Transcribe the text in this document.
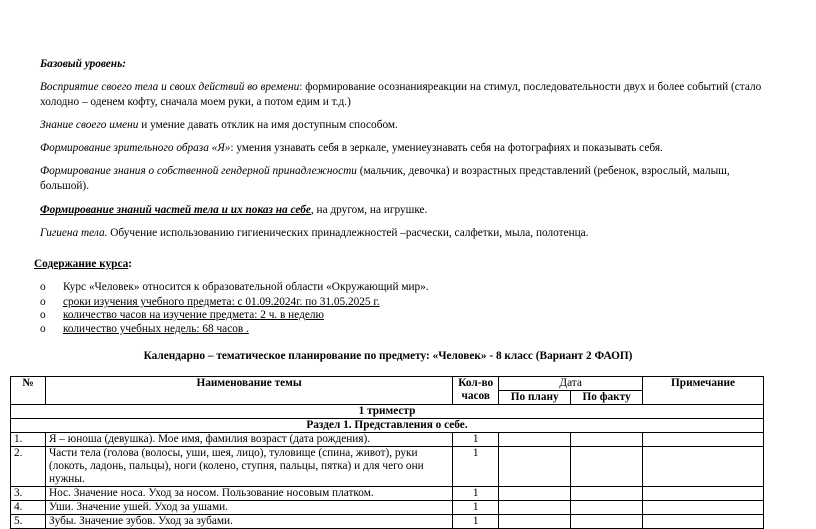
Базовый уровень:
Восприятие своего тела и своих действий во времени: формирование осознанияреакции на стимул, последовательности двух и более событий (стало холодно – оденем кофту, сначала моем руки, а потом едим и т.д.)
Знание своего имени и умение давать отклик на имя доступным способом.
Формирование зрительного образа «Я»: умения узнавать себя в зеркале, умениеузнавать себя на фотографиях и показывать себя.
Формирование знания о собственной гендерной принадлежности (мальчик, девочка) и возрастных представлений (ребенок, взрослый, малыш, большой).
Формирование знаний частей тела и их показ на себе, на другом, на игрушке.
Гигиена тела. Обучение использованию гигиенических принадлежностей –расчески, салфетки, мыла, полотенца.
Содержание курса:
o Курс «Человек» относится к образовательной области «Окружающий мир».
o сроки изучения учебного предмета: с 01.09.2024г. по 31.05.2025 г.
o количество часов на изучение предмета: 2 ч. в неделю
o количество учебных недель: 68 часов .
Календарно – тематическое планирование по предмету: «Человек» - 8 класс (Вариант 2 ФАОП)
№	Наименование темы	Кол-во часов	Дата		Примечание
			По плану	По факту	
1 триместр					
Раздел 1. Представления о себе.					
1.	Я – юноша (девушка). Мое имя, фамилия возраст (дата рождения).	1			
2.	Части тела (голова (волосы, уши, шея, лицо), туловище (спина, живот), руки (локоть, ладонь, пальцы), ноги (колено, ступня, пальцы, пятка) и для чего они нужны.	1			
3.	Нос. Значение носа. Уход за носом. Пользование носовым платком.	1			
4.	Уши. Значение ушей. Уход за ушами.	1			
5.	Зубы. Значение зубов. Уход за зубами.	1			
